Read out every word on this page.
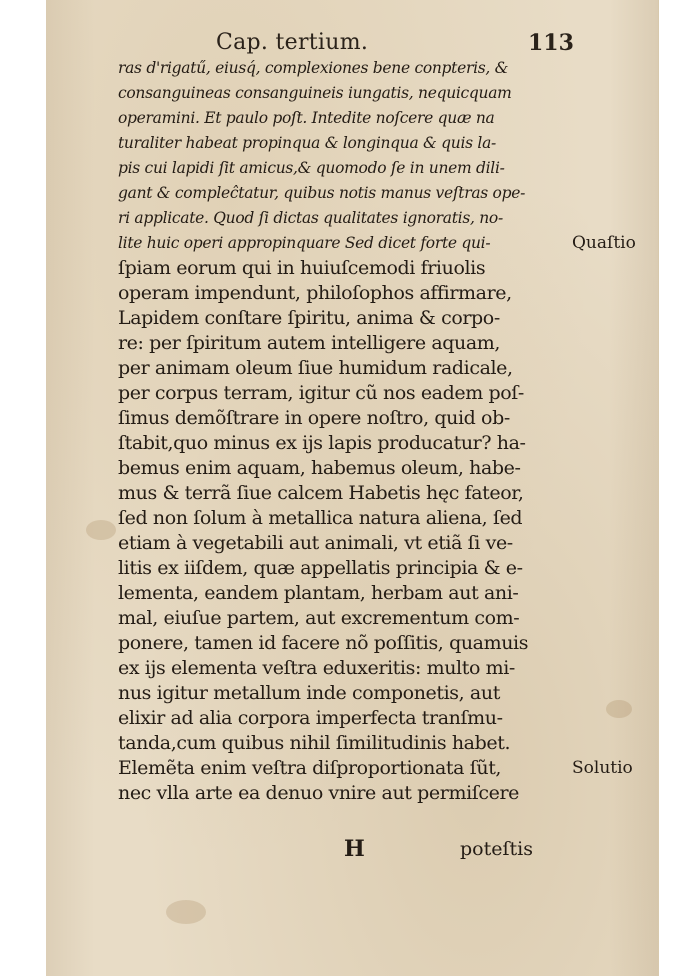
Cap. tertium.	113
ras d'rigatű, eiusq́, complexiones bene conpteris, &
consanguineas consanguineis iungatis, nequicquam
operamini. Et paulo poſt. Intedite noſcere quæ na
turaliter habeat propinqua & longinqua & quis la-
pis cui lapidi ſit amicus,& quomodo ſe in unem dili-
gant & compleĉtatur, quibus notis manus veſtras ope-
ri applicate. Quod ſi dictas qualitates ignoratis, no-
lite huic operi appropinquare Sed dicet forte qui-
ſpiam eorum qui in huiuſcemodi friuolis
operam impendunt, philoſophos affirmare,
Lapidem conſtare ſpiritu, anima & corpo-
re: per ſpiritum autem intelligere aquam,
per animam oleum ſiue humidum radicale,
per corpus terram, igitur cũ nos eadem poſ-
ſimus demõſtrare in opere noſtro, quid ob-
ſtabit,quo minus ex ijs lapis producatur? ha-
bemus enim aquam, habemus oleum, habe-
mus & terrã ſiue calcem Habetis hęc fateor,
ſed non ſolum à metallica natura aliena, ſed
etiam à vegetabili aut animali, vt etiã ſi ve-
litis ex iiſdem, quæ appellatis principia & e-
lementa, eandem plantam, herbam aut ani-
mal, eiuſue partem, aut excrementum com-
ponere, tamen id facere nõ poſſitis, quamuis
ex ijs elementa veſtra eduxeritis: multo mi-
nus igitur metallum inde componetis, aut
elixir ad alia corpora imperfecta tranſmu-
tanda,cum quibus nihil ſimilitudinis habet.
Elemẽta enim veſtra diſproportionata ſũt,
nec vlla arte ea denuo vnire aut permiſcere
Quaſtio
Solutio
H	poteſtis
